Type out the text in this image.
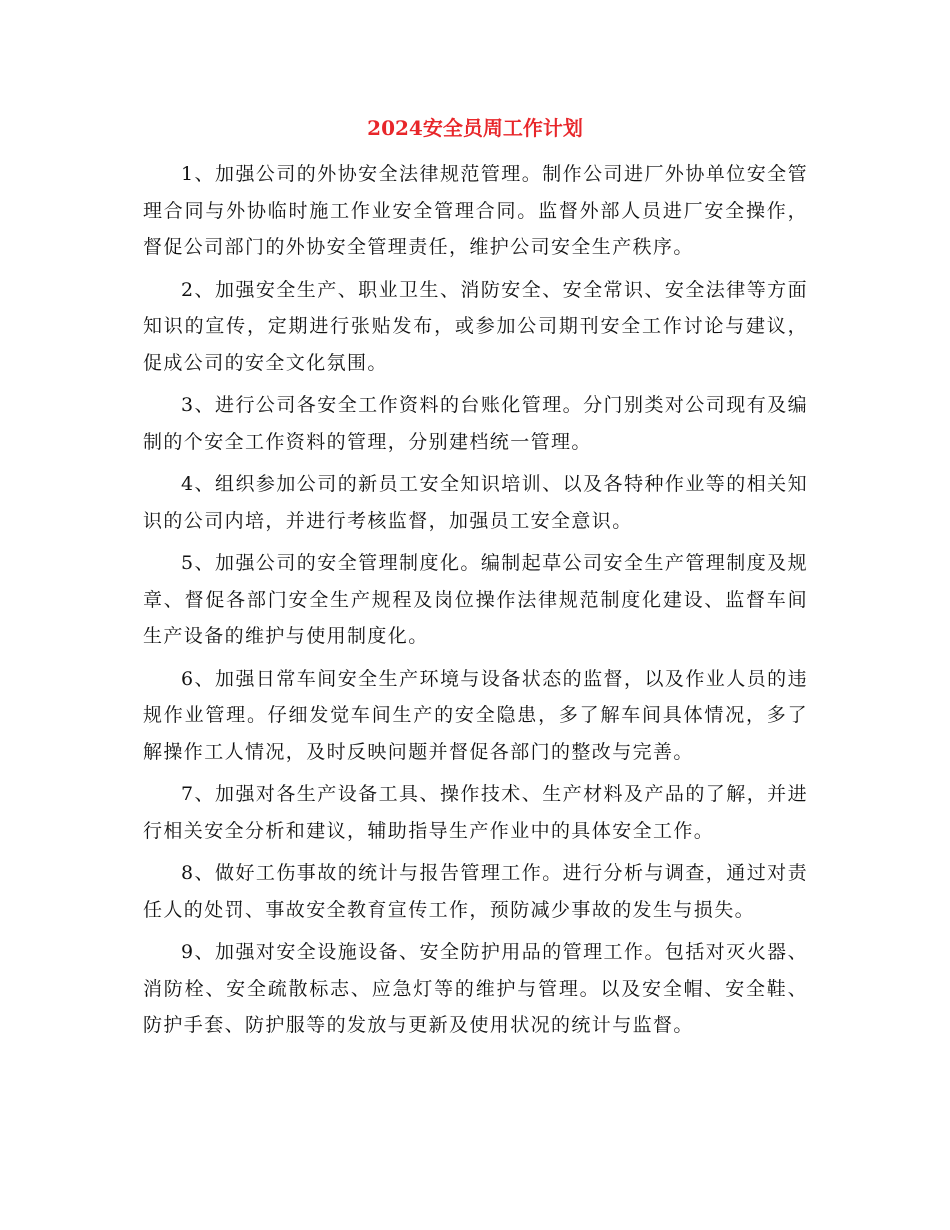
2024安全员周工作计划

1、加强公司的外协安全法律规范管理。制作公司进厂外协单位安全管理合同与外协临时施工作业安全管理合同。监督外部人员进厂安全操作，督促公司部门的外协安全管理责任，维护公司安全生产秩序。

2、加强安全生产、职业卫生、消防安全、安全常识、安全法律等方面知识的宣传，定期进行张贴发布，或参加公司期刊安全工作讨论与建议，促成公司的安全文化氛围。

3、进行公司各安全工作资料的台账化管理。分门别类对公司现有及编制的个安全工作资料的管理，分别建档统一管理。

4、组织参加公司的新员工安全知识培训、以及各特种作业等的相关知识的公司内培，并进行考核监督，加强员工安全意识。

5、加强公司的安全管理制度化。编制起草公司安全生产管理制度及规章、督促各部门安全生产规程及岗位操作法律规范制度化建设、监督车间生产设备的维护与使用制度化。

6、加强日常车间安全生产环境与设备状态的监督，以及作业人员的违规作业管理。仔细发觉车间生产的安全隐患，多了解车间具体情况，多了解操作工人情况，及时反映问题并督促各部门的整改与完善。

7、加强对各生产设备工具、操作技术、生产材料及产品的了解，并进行相关安全分析和建议，辅助指导生产作业中的具体安全工作。

8、做好工伤事故的统计与报告管理工作。进行分析与调查，通过对责任人的处罚、事故安全教育宣传工作，预防减少事故的发生与损失。

9、加强对安全设施设备、安全防护用品的管理工作。包括对灭火器、消防栓、安全疏散标志、应急灯等的维护与管理。以及安全帽、安全鞋、防护手套、防护服等的发放与更新及使用状况的统计与监督。
